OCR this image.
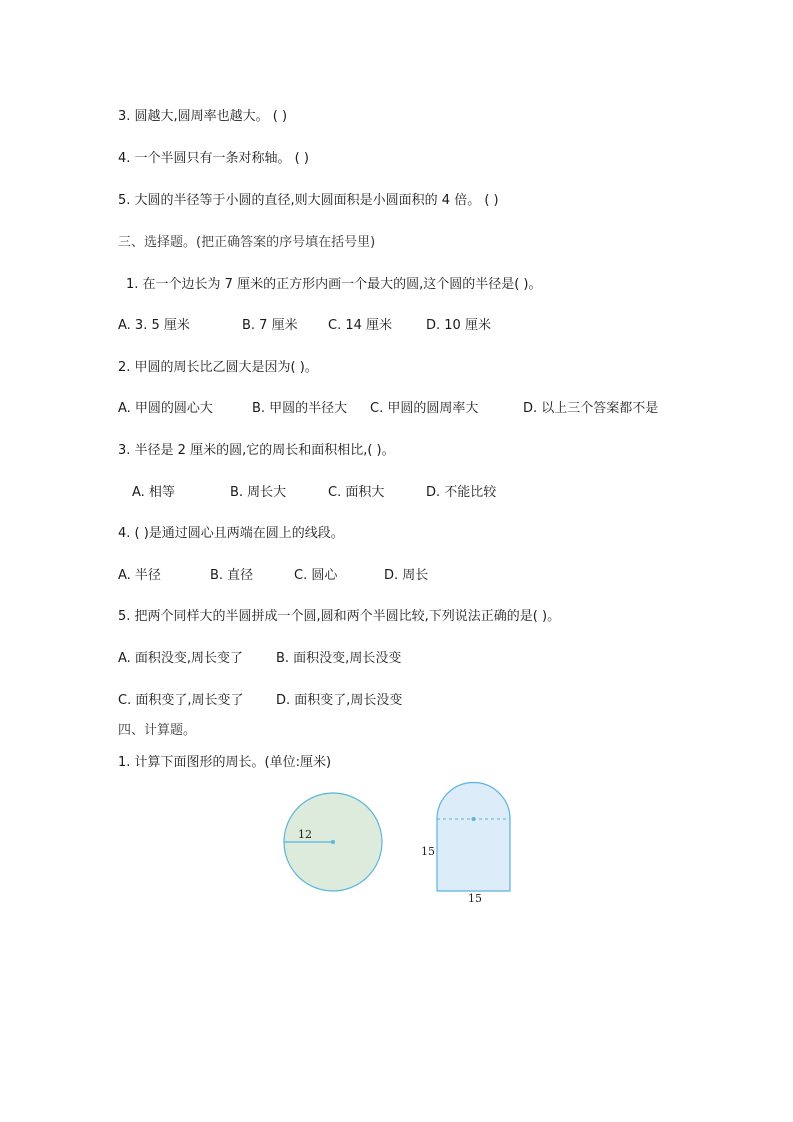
3. 圆越大,圆周率也越大。 ( )
4. 一个半圆只有一条对称轴。 ( )
5. 大圆的半径等于小圆的直径,则大圆面积是小圆面积的 4 倍。 ( )
三、选择题。(把正确答案的序号填在括号里)
1. 在一个边长为 7 厘米的正方形内画一个最大的圆,这个圆的半径是( )。
A. 3. 5 厘米	B. 7 厘米 C. 14 厘米	D. 10 厘米
2. 甲圆的周长比乙圆大是因为( )。
A. 甲圆的圆心大	B. 甲圆的半径大 C. 甲圆的圆周率大	D. 以上三个答案都不是
3. 半径是 2 厘米的圆,它的周长和面积相比,( )。
A. 相等	B. 周长大	C. 面积大	D. 不能比较
4. ( )是通过圆心且两端在圆上的线段。
A. 半径	B. 直径	C. 圆心	D. 周长
5. 把两个同样大的半圆拼成一个圆,圆和两个半圆比较,下列说法正确的是( )。
A. 面积没变,周长变了	B. 面积没变,周长没变
C. 面积变了,周长变了	D. 面积变了,周长没变
四、计算题。
1. 计算下面图形的周长。(单位:厘米)
12
15
15
